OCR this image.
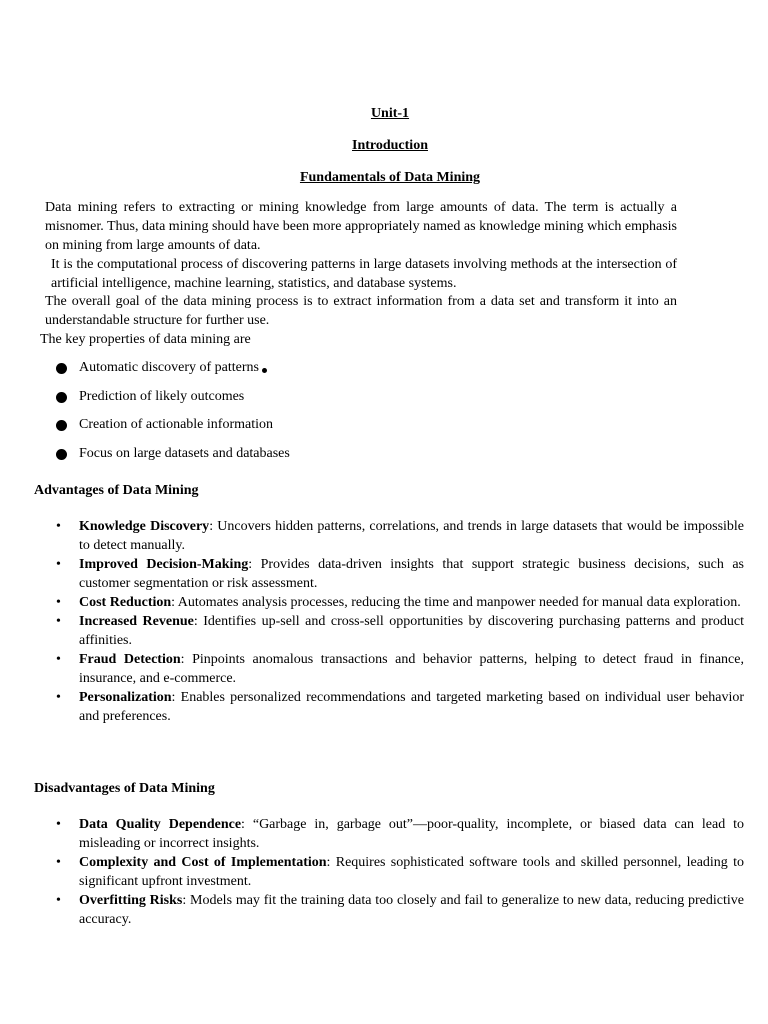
Unit-1
Introduction
Fundamentals of Data Mining

Data mining refers to extracting or mining knowledge from large amounts of data. The term is actually a misnomer. Thus, data mining should have been more appropriately named as knowledge mining which emphasis on mining from large amounts of data.

It is the computational process of discovering patterns in large datasets involving methods at the intersection of artificial intelligence, machine learning, statistics, and database systems.

The overall goal of the data mining process is to extract information from a data set and transform it into an understandable structure for further use.

The key properties of data mining are
Automatic discovery of patterns
Prediction of likely outcomes
Creation of actionable information
Focus on large datasets and databases
Advantages of Data Mining
• Knowledge Discovery: Uncovers hidden patterns, correlations, and trends in large datasets that would be impossible to detect manually.
• Improved Decision-Making: Provides data-driven insights that support strategic business decisions, such as customer segmentation or risk assessment.
• Cost Reduction: Automates analysis processes, reducing the time and manpower needed for manual data exploration.
• Increased Revenue: Identifies up-sell and cross-sell opportunities by discovering purchasing patterns and product affinities.
• Fraud Detection: Pinpoints anomalous transactions and behavior patterns, helping to detect fraud in finance, insurance, and e-commerce.
• Personalization: Enables personalized recommendations and targeted marketing based on individual user behavior and preferences.
Disadvantages of Data Mining
• Data Quality Dependence: “Garbage in, garbage out”—poor-quality, incomplete, or biased data can lead to misleading or incorrect insights.
• Complexity and Cost of Implementation: Requires sophisticated software tools and skilled personnel, leading to significant upfront investment.
• Overfitting Risks: Models may fit the training data too closely and fail to generalize to new data, reducing predictive accuracy.
